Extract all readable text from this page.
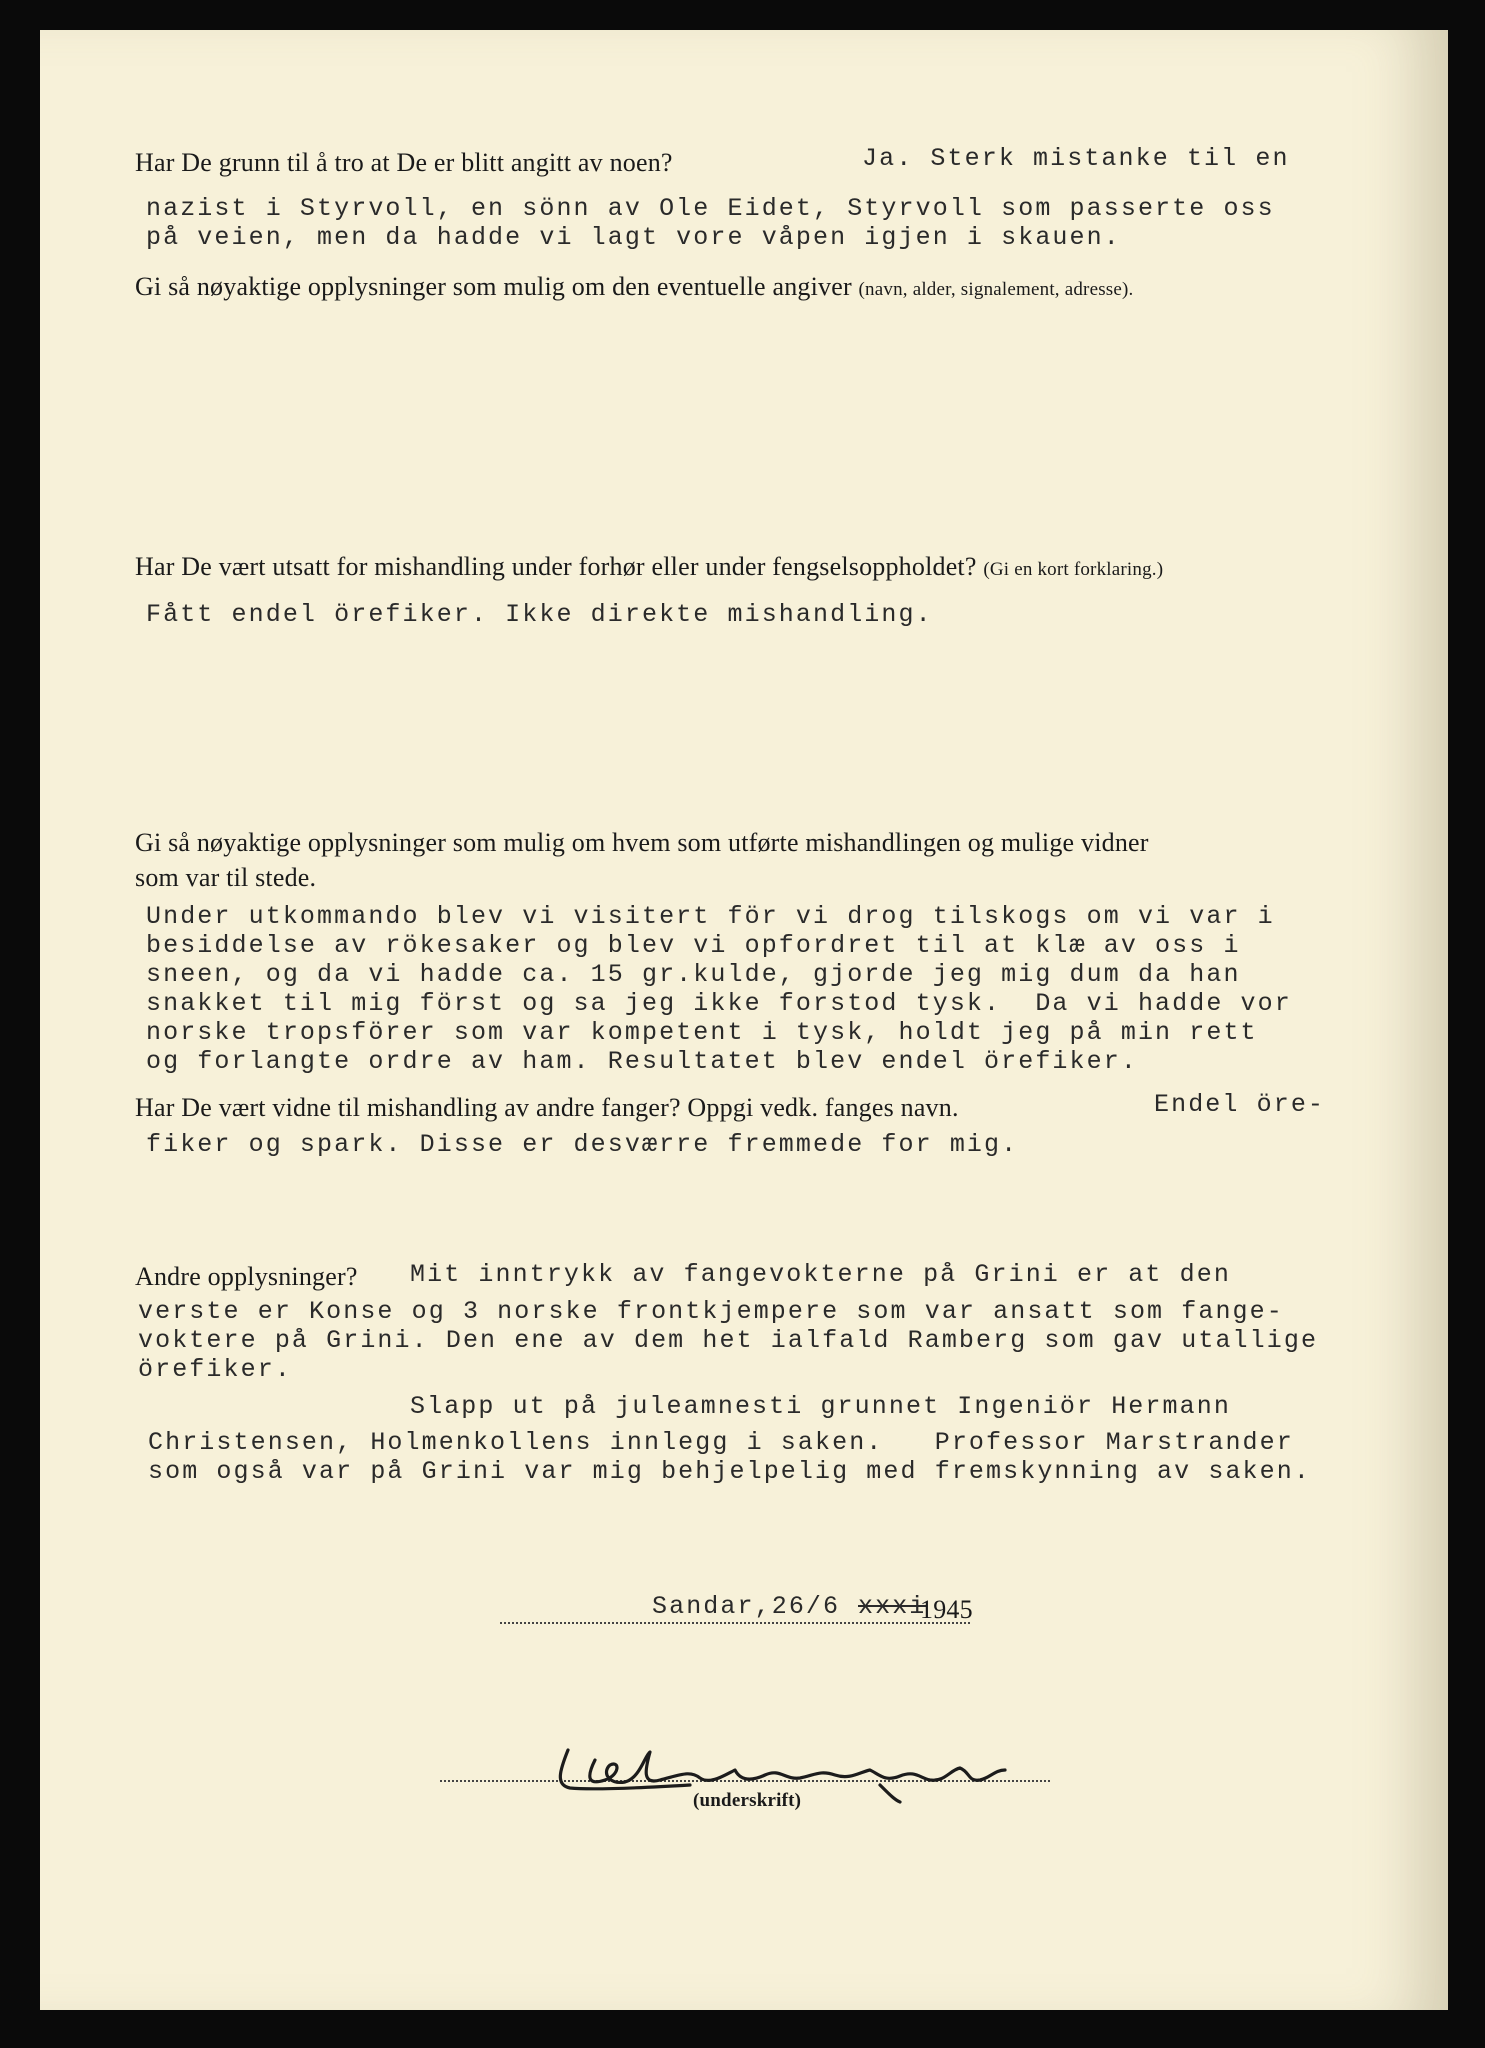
Har De grunn til å tro at De er blitt angitt av noen?	Ja. Sterk mistanke til en
nazist i Styrvoll, en sönn av Ole Eidet, Styrvoll som passerte oss
på veien, men da hadde vi lagt vore våpen igjen i skauen.
Gi så nøyaktige opplysninger som mulig om den eventuelle angiver (navn, alder, signalement, adresse).
Har De vært utsatt for mishandling under forhør eller under fengselsoppholdet? (Gi en kort forklaring.)
Fått endel örefiker. Ikke direkte mishandling.
Gi så nøyaktige opplysninger som mulig om hvem som utførte mishandlingen og mulige vidner
som var til stede.
Under utkommando blev vi visitert för vi drog tilskogs om vi var i
besiddelse av rökesaker og blev vi opfordret til at klæ av oss i
sneen, og da vi hadde ca. 15 gr.kulde, gjorde jeg mig dum da han
snakket til mig först og sa jeg ikke forstod tysk.  Da vi hadde vor
norske tropsförer som var kompetent i tysk, holdt jeg på min rett
og forlangte ordre av ham. Resultatet blev endel örefiker.
Har De vært vidne til mishandling av andre fanger? Oppgi vedk. fanges navn.	Endel öre-
fiker og spark. Disse er desværre fremmede for mig.
Andre opplysninger? Mit inntrykk av fangevokterne på Grini er at den
verste er Konse og 3 norske frontkjempere som var ansatt som fange-
voktere på Grini. Den ene av dem het ialfald Ramberg som gav utallige
örefiker.
Slapp ut på juleamnesti grunnet Ingeniör Hermann
Christensen, Holmenkollens innlegg i saken.   Professor Marstrander
som også var på Grini var mig behjelpelig med fremskynning av saken.
Sandar,26/6 xxxi
1945
(underskrift)
